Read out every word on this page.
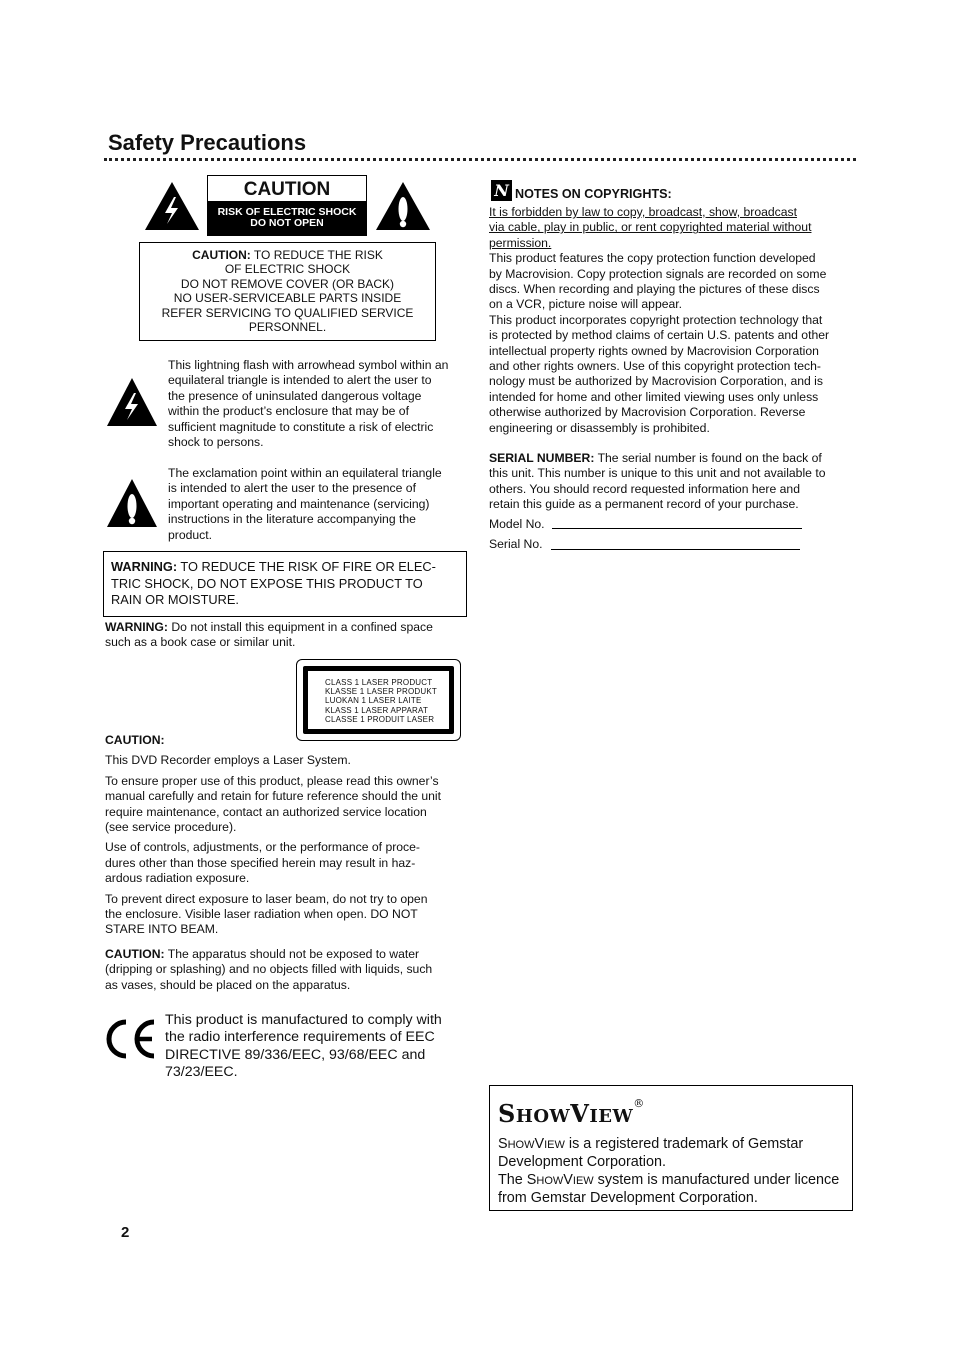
Safety Precautions
CAUTION
RISK OF ELECTRIC SHOCK
DO NOT OPEN
CAUTION: TO REDUCE THE RISK
OF ELECTRIC SHOCK
DO NOT REMOVE COVER (OR BACK)
NO USER-SERVICEABLE PARTS INSIDE
REFER SERVICING TO QUALIFIED SERVICE
PERSONNEL.
This lightning flash with arrowhead symbol within an
equilateral triangle is intended to alert the user to
the presence of uninsulated dangerous voltage
within the product’s enclosure that may be of
sufficient magnitude to constitute a risk of electric
shock to persons.
The exclamation point within an equilateral triangle
is intended to alert the user to the presence of
important operating and maintenance (servicing)
instructions in the literature accompanying the
product.
WARNING: TO REDUCE THE RISK OF FIRE OR ELEC-
TRIC SHOCK, DO NOT EXPOSE THIS PRODUCT TO
RAIN OR MOISTURE.
WARNING: Do not install this equipment in a confined space
such as a book case or similar unit.
CLASS 1 LASER PRODUCT
KLASSE 1 LASER PRODUKT
LUOKAN 1 LASER LAITE
KLASS 1 LASER APPARAT
CLASSE 1 PRODUIT LASER

CAUTION:

This DVD Recorder employs a Laser System.

To ensure proper use of this product, please read this owner’s
manual carefully and retain for future reference should the unit
require maintenance, contact an authorized service location
(see service procedure).
Use of controls, adjustments, or the performance of proce-
dures other than those specified herein may result in haz-
ardous radiation exposure.
To prevent direct exposure to laser beam, do not try to open
the enclosure. Visible laser radiation when open. DO NOT
STARE INTO BEAM.
CAUTION: The apparatus should not be exposed to water
(dripping or splashing) and no objects filled with liquids, such
as vases, should be placed on the apparatus.
This product is manufactured to comply with
the radio interference requirements of EEC
DIRECTIVE 89/336/EEC, 93/68/EEC and
73/23/EEC.
2
N NOTES ON COPYRIGHTS:
It is forbidden by law to copy, broadcast, show, broadcast
via cable, play in public, or rent copyrighted material without
permission.
This product features the copy protection function developed
by Macrovision. Copy protection signals are recorded on some
discs. When recording and playing the pictures of these discs
on a VCR, picture noise will appear.
This product incorporates copyright protection technology that
is protected by method claims of certain U.S. patents and other
intellectual property rights owned by Macrovision Corporation
and other rights owners. Use of this copyright protection tech-
nology must be authorized by Macrovision Corporation, and is
intended for home and other limited viewing uses only unless
otherwise authorized by Macrovision Corporation. Reverse
engineering or disassembly is prohibited.
SERIAL NUMBER: The serial number is found on the back of
this unit. This number is unique to this unit and not available to
others. You should record requested information here and
retain this guide as a permanent record of your purchase.
Model No.
Serial No.
SHOWVIEW®
SHOWVIEW is a registered trademark of Gemstar
Development Corporation.
The SHOWVIEW system is manufactured under licence
from Gemstar Development Corporation.
